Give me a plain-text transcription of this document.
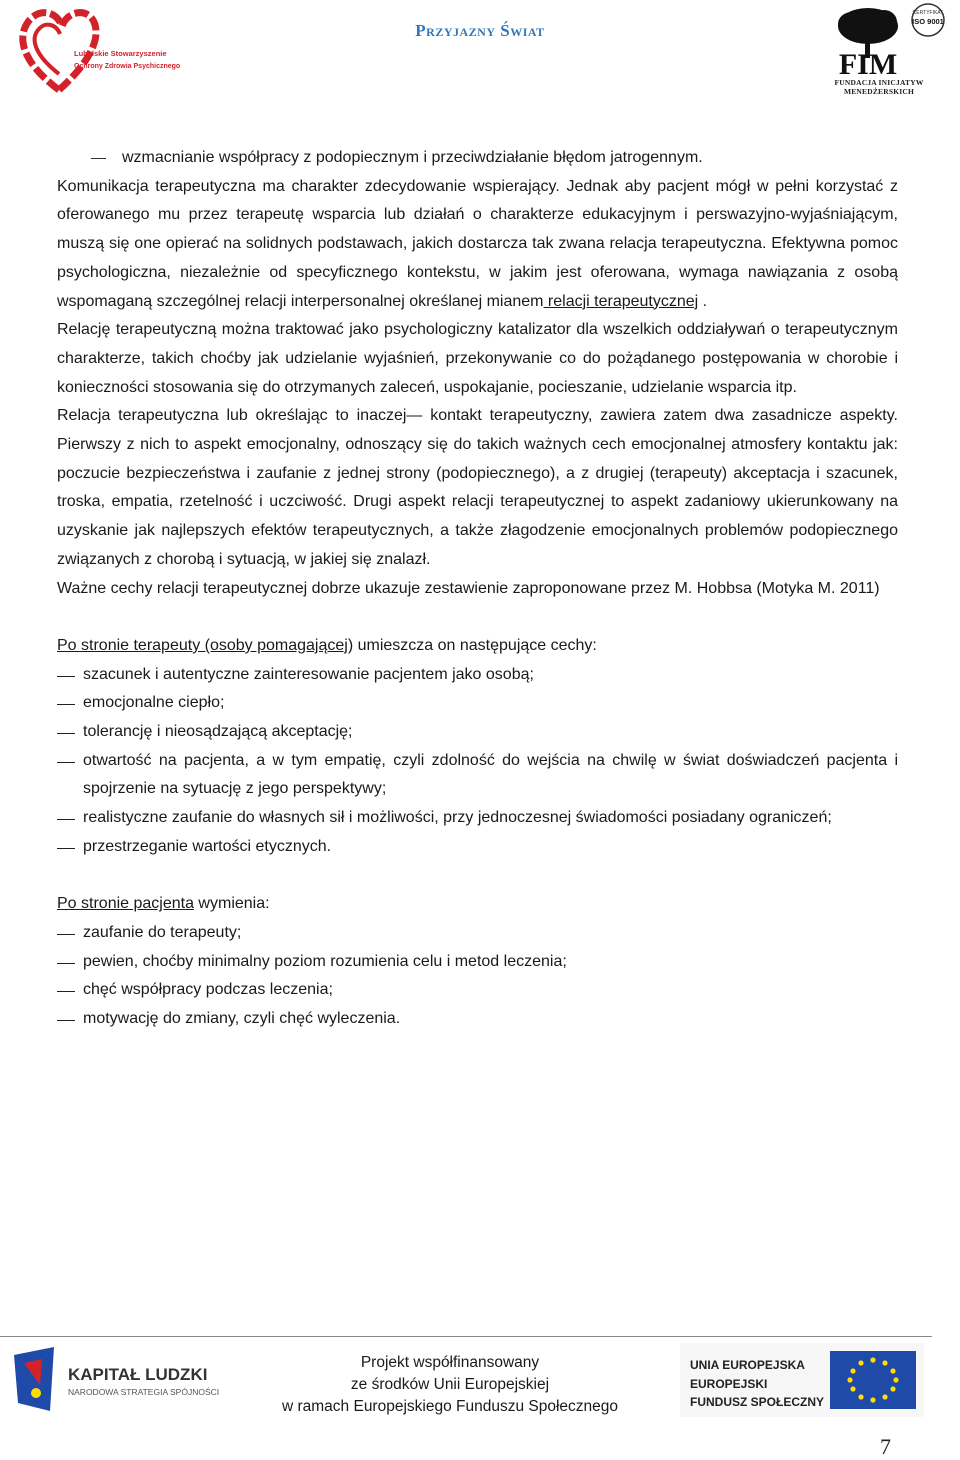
Lubelskie Stowarzyszenie
Ochrony Zdrowia Psychicznego
Przyjazny Świat
FIM
CERTYFIKAT
ISO 9001
FUNDACJA INICJATYW MENEDŻERSKICH

wzmacnianie współpracy z podopiecznym i przeciwdziałanie błędom jatrogennym.

Komunikacja terapeutyczna ma charakter zdecydowanie wspierający. Jednak aby pacjent mógł w pełni korzystać z oferowanego mu przez terapeutę wsparcia lub działań o charakterze edukacyjnym i perswazyjno-wyjaśniającym, muszą się one opierać na solidnych podstawach, jakich dostarcza tak zwana relacja terapeutyczna. Efektywna pomoc psychologiczna, niezależnie od specyficznego kontekstu, w jakim jest oferowana, wymaga nawiązania z osobą wspomaganą szczególnej relacji interpersonalnej określanej mianem relacji terapeutycznej .

Relację terapeutyczną można traktować jako psychologiczny katalizator dla wszelkich oddziaływań o terapeutycznym charakterze, takich choćby jak udzielanie wyjaśnień, przekonywanie co do pożądanego postępowania w chorobie i konieczności stosowania się do otrzymanych zaleceń, uspokajanie, pocieszanie, udzielanie wsparcia itp.

Relacja terapeutyczna lub określając to inaczej— kontakt terapeutyczny, zawiera zatem dwa zasadnicze aspekty. Pierwszy z nich to aspekt emocjonalny, odnoszący się do takich ważnych cech emocjonalnej atmosfery kontaktu jak: poczucie bezpieczeństwa i zaufanie z jednej strony (podopiecznego), a z drugiej (terapeuty) akceptacja i szacunek, troska, empatia, rzetelność i uczciwość. Drugi aspekt relacji terapeutycznej to aspekt zadaniowy ukierunkowany na uzyskanie jak najlepszych efektów terapeutycznych, a także złagodzenie emocjonalnych problemów podopiecznego związanych z chorobą i sytuacją, w jakiej się znalazł.

Ważne cechy relacji terapeutycznej dobrze ukazuje zestawienie zaproponowane przez M. Hobbsa (Motyka M. 2011)

Po stronie terapeuty (osoby pomagającej) umieszcza on następujące cechy:

szacunek i autentyczne zainteresowanie pacjentem jako osobą;
emocjonalne ciepło;
tolerancję i nieosądzającą akceptację;
otwartość na pacjenta, a w tym empatię, czyli zdolność do wejścia na chwilę w świat doświadczeń pacjenta i spojrzenie na sytuację z jego perspektywy;
realistyczne zaufanie do własnych sił i możliwości, przy jednoczesnej świadomości posiadany ograniczeń;
przestrzeganie wartości etycznych.

Po stronie pacjenta wymienia:

zaufanie do terapeuty;
pewien, choćby minimalny poziom rozumienia celu i metod leczenia;
chęć współpracy podczas leczenia;
motywację do zmiany, czyli chęć wyleczenia.
KAPITAŁ LUDZKI
NARODOWA STRATEGIA SPÓJNOŚCI
Projekt współfinansowany
ze środków Unii Europejskiej
w ramach Europejskiego Funduszu Społecznego
UNIA EUROPEJSKA
EUROPEJSKI
FUNDUSZ SPOŁECZNY
7
